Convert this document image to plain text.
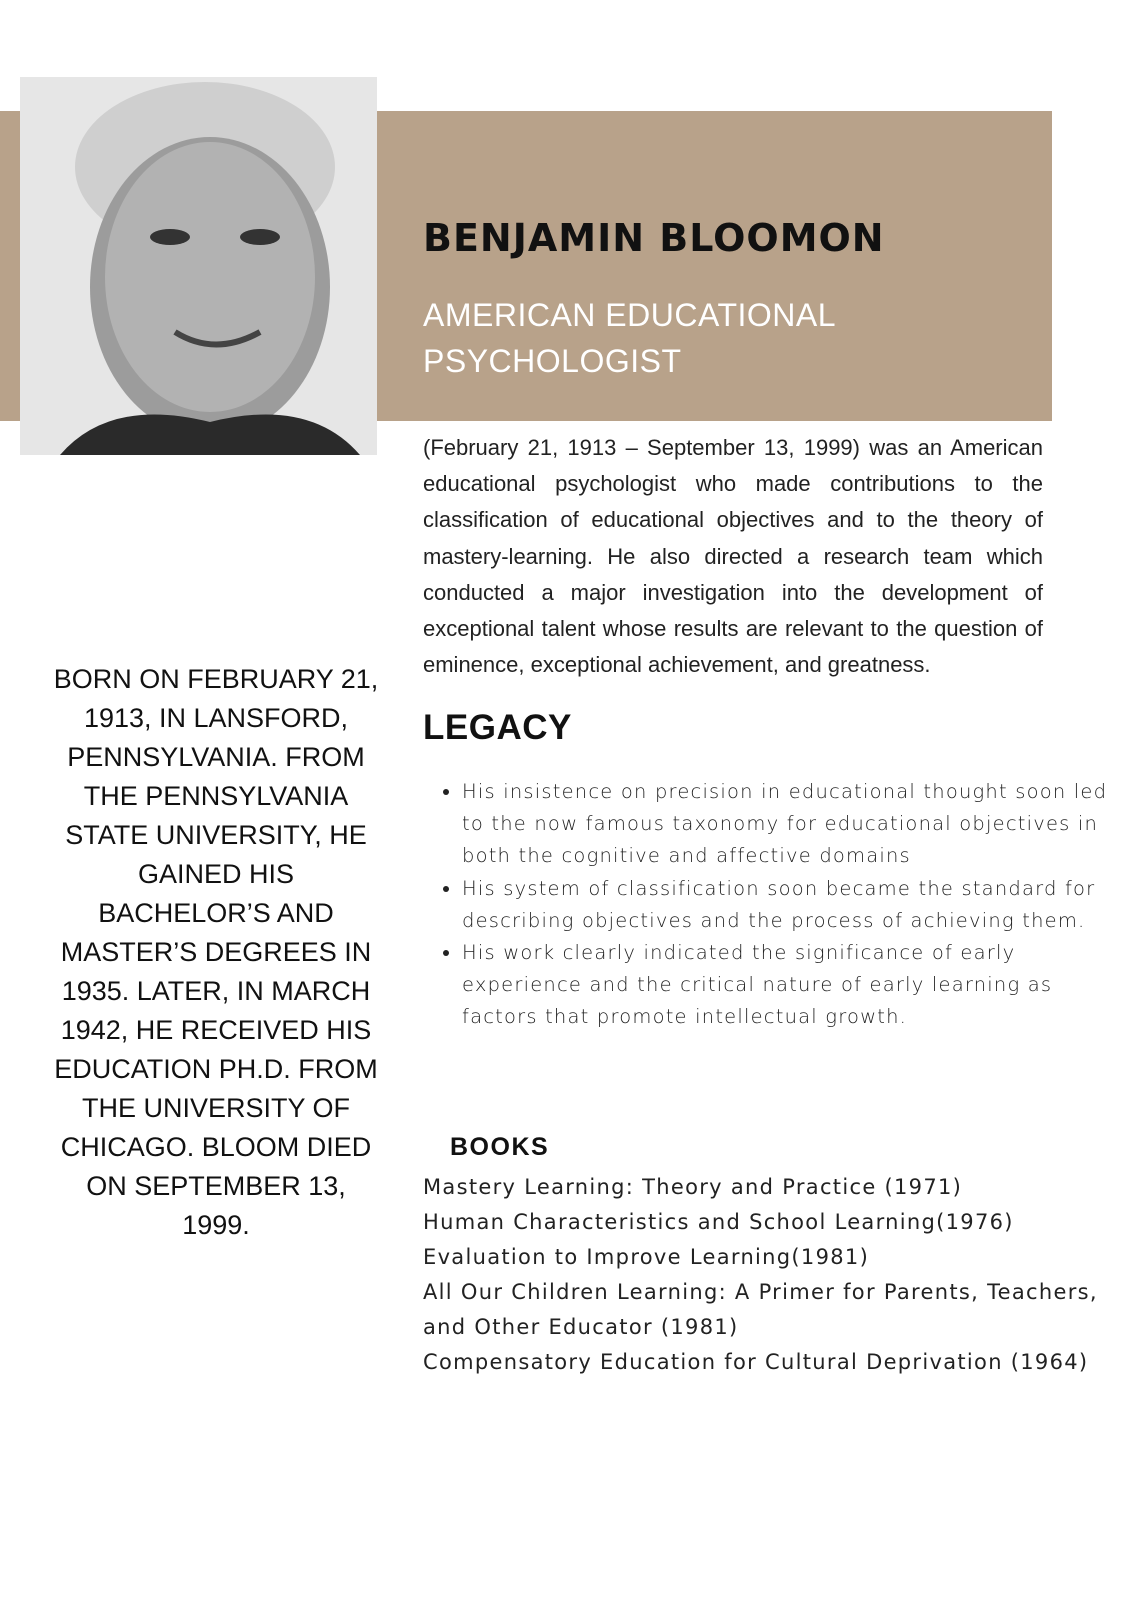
BENJAMIN BLOOMON
AMERICAN EDUCATIONAL PSYCHOLOGIST

(February 21, 1913 – September 13, 1999) was an American educational psychologist who made contributions to the classification of educational objectives and to the theory of mastery-learning. He also directed a research team which conducted a major investigation into the development of exceptional talent whose results are relevant to the question of eminence, exceptional achievement, and greatness.

LEGACY
• His insistence on precision in educational thought soon led to the now famous taxonomy for educational objectives in both the cognitive and affective domains
• His system of classification soon became the standard for describing objectives and the process of achieving them.
• His work clearly indicated the significance of early experience and the critical nature of early learning as factors that promote intellectual growth.
BOOKS
Mastery Learning: Theory and Practice (1971)
Human Characteristics and School Learning(1976)
Evaluation to Improve Learning(1981)
All Our Children Learning: A Primer for Parents, Teachers, and Other Educator (1981)
Compensatory Education for Cultural Deprivation (1964)

BORN ON FEBRUARY 21, 1913, IN LANSFORD, PENNSYLVANIA. FROM THE PENNSYLVANIA STATE UNIVERSITY, HE GAINED HIS BACHELOR’S AND MASTER’S DEGREES IN 1935. LATER, IN MARCH 1942, HE RECEIVED HIS EDUCATION PH.D. FROM THE UNIVERSITY OF CHICAGO. BLOOM DIED ON SEPTEMBER 13, 1999.
